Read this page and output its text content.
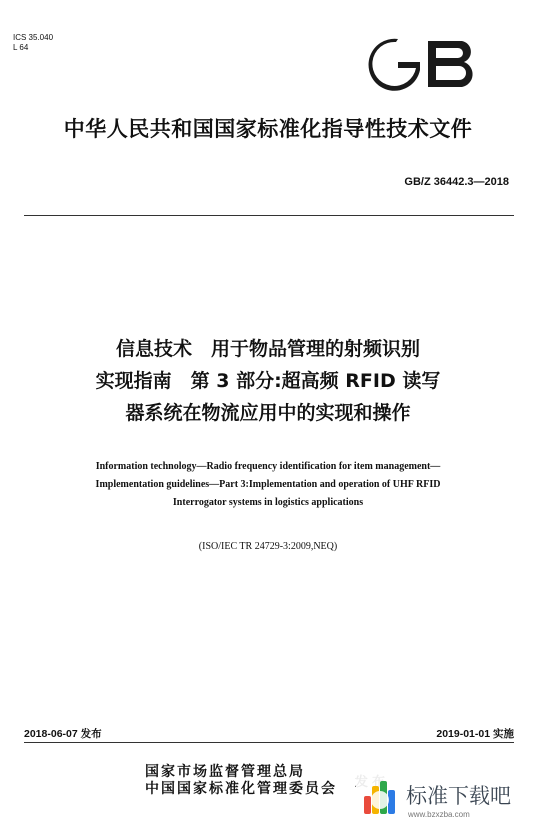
ICS 35.040
L 64
中华人民共和国国家标准化指导性技术文件
GB/Z 36442.3—2018
信息技术　用于物品管理的射频识别
实现指南　第 3 部分:超高频 RFID 读写
器系统在物流应用中的实现和操作
Information technology—Radio frequency identification for item management—
Implementation guidelines—Part 3:Implementation and operation of UHF RFID
Interrogator systems in logistics applications
(ISO/IEC TR 24729-3:2009,NEQ)
2018-06-07 发布	2019-01-01 实施
国家市场监督管理总局
中国国家标准化管理委员会	标准下载吧
www.bzxzba.com
